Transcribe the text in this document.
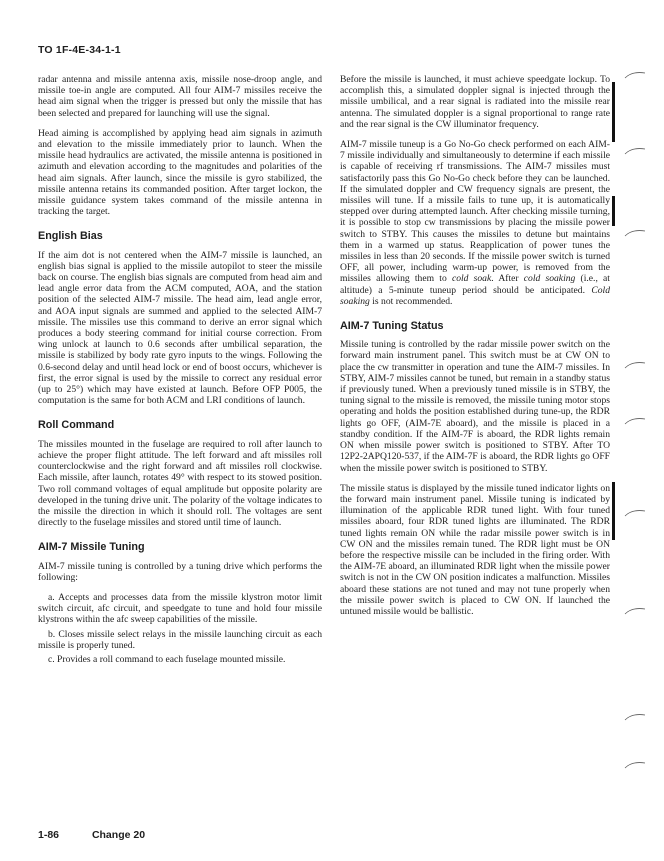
TO 1F-4E-34-1-1

radar antenna and missile antenna axis, missile nose-droop angle, and missile toe-in angle are computed. All four AIM-7 missiles receive the head aim signal when the trigger is pressed but only the missile that has been selected and prepared for launching will use the signal.

Head aiming is accomplished by applying head aim signals in azimuth and elevation to the missile immediately prior to launch. When the missile head hydraulics are activated, the missile antenna is positioned in azimuth and elevation according to the magnitudes and polarities of the head aim signals. After launch, since the missile is gyro stabilized, the missile antenna retains its commanded position. After target lockon, the missile guidance system takes command of the missile antenna in tracking the target.

English Bias

If the aim dot is not centered when the AIM-7 missile is launched, an english bias signal is applied to the missile autopilot to steer the missile back on course. The english bias signals are computed from head aim and lead angle error data from the ACM computed, AOA, and the station position of the selected AIM-7 missile. The head aim, lead angle error, and AOA input signals are summed and applied to the selected AIM-7 missile. The missiles use this command to derive an error signal which produces a body steering command for initial course correction. From wing unlock at launch to 0.6 seconds after umbilical separation, the missile is stabilized by body rate gyro inputs to the wings. Following the 0.6-second delay and until head lock or end of boost occurs, whichever is first, the error signal is used by the missile to correct any residual error (up to 25°) which may have existed at launch. Before OFP P005, the computation is the same for both ACM and LRI conditions of launch.

Roll Command

The missiles mounted in the fuselage are required to roll after launch to achieve the proper flight attitude. The left forward and aft missiles roll counterclockwise and the right forward and aft missiles roll clockwise. Each missile, after launch, rotates 49° with respect to its stowed position. Two roll command voltages of equal amplitude but opposite polarity are developed in the tuning drive unit. The polarity of the voltage indicates to the missile the direction in which it should roll. The voltages are sent directly to the fuselage missiles and stored until time of launch.

AIM-7 Missile Tuning

AIM-7 missile tuning is controlled by a tuning drive which performs the following:

a. Accepts and processes data from the missile klystron motor limit switch circuit, afc circuit, and speedgate to tune and hold four missile klystrons within the afc sweep capabilities of the missile.

b. Closes missile select relays in the missile launching circuit as each missile is properly tuned.

c. Provides a roll command to each fuselage mounted missile.

Before the missile is launched, it must achieve speedgate lockup. To accomplish this, a simulated doppler signal is injected through the missile umbilical, and a rear signal is radiated into the missile rear antenna. The simulated doppler is a signal proportional to range rate and the rear signal is the CW illuminator frequency.

AIM-7 missile tuneup is a Go No-Go check performed on each AIM-7 missile individually and simultaneously to determine if each missile is capable of receiving rf transmissions. The AIM-7 missiles must satisfactorily pass this Go No-Go check before they can be launched. If the simulated doppler and CW frequency signals are present, the missiles will tune. If a missile fails to tune up, it is automatically stepped over during attempted launch. After checking missile turning, it is possible to stop cw transmissions by placing the missile power switch to STBY. This causes the missiles to detune but maintains them in a warmed up status. Reapplication of power tunes the missiles in less than 20 seconds. If the missile power switch is turned OFF, all power, including warm-up power, is removed from the missiles allowing them to cold soak. After cold soaking (i.e., at altitude) a 5-minute tuneup period should be anticipated. Cold soaking is not recommended.

AIM-7 Tuning Status

Missile tuning is controlled by the radar missile power switch on the forward main instrument panel. This switch must be at CW ON to place the cw transmitter in operation and tune the AIM-7 missiles. In STBY, AIM-7 missiles cannot be tuned, but remain in a standby status if previously tuned. When a previously tuned missile is in STBY, the tuning signal to the missile is removed, the missile tuning motor stops operating and holds the position established during tune-up, the RDR lights go OFF, (AIM-7E aboard), and the missile is placed in a standby condition. If the AIM-7F is aboard, the RDR lights remain ON when missile power switch is positioned to STBY. After TO 12P2-2APQ120-537, if the AIM-7F is aboard, the RDR lights go OFF when the missile power switch is positioned to STBY.

The missile status is displayed by the missile tuned indicator lights on the forward main instrument panel. Missile tuning is indicated by illumination of the applicable RDR tuned light. With four tuned missiles aboard, four RDR tuned lights are illuminated. The RDR tuned lights remain ON while the radar missile power switch is in CW ON and the missiles remain tuned. The RDR light must be ON before the respective missile can be included in the firing order. With the AIM-7E aboard, an illuminated RDR light when the missile power switch is not in the CW ON position indicates a malfunction. Missiles aboard these stations are not tuned and may not tune properly when the missile power switch is placed to CW ON. If launched the untuned missile would be ballistic.

1-86	Change 20
